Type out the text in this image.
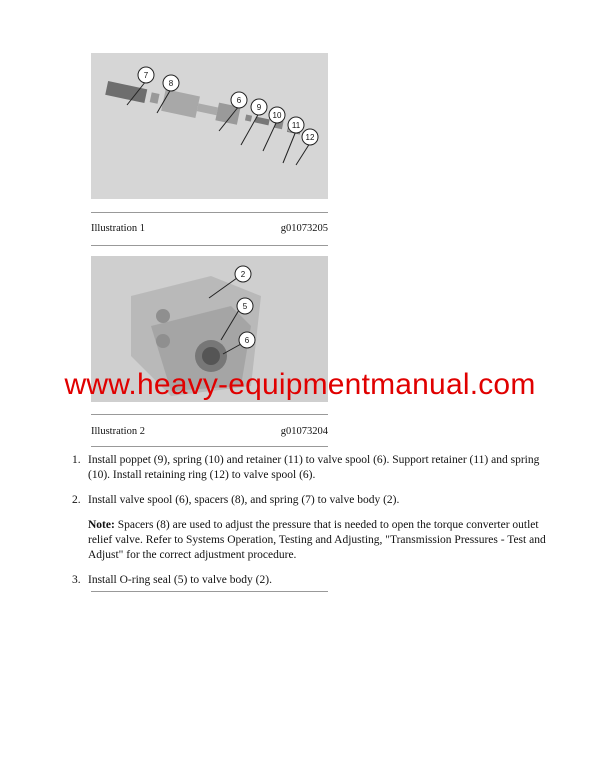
7
8
6
9
10
11
12
Illustration 1	g01073205
2
5
6
Illustration 2	g01073204
1. Install poppet (9), spring (10) and retainer (11) to valve spool (6). Support retainer (11) and spring (10). Install retaining ring (12) to valve spool (6).
2. Install valve spool (6), spacers (8), and spring (7) to valve body (2).
Note: Spacers (8) are used to adjust the pressure that is needed to open the torque converter outlet relief valve. Refer to Systems Operation, Testing and Adjusting, "Transmission Pressures - Test and Adjust" for the correct adjustment procedure.
3. Install O-ring seal (5) to valve body (2).
www.heavy-equipmentmanual.com
